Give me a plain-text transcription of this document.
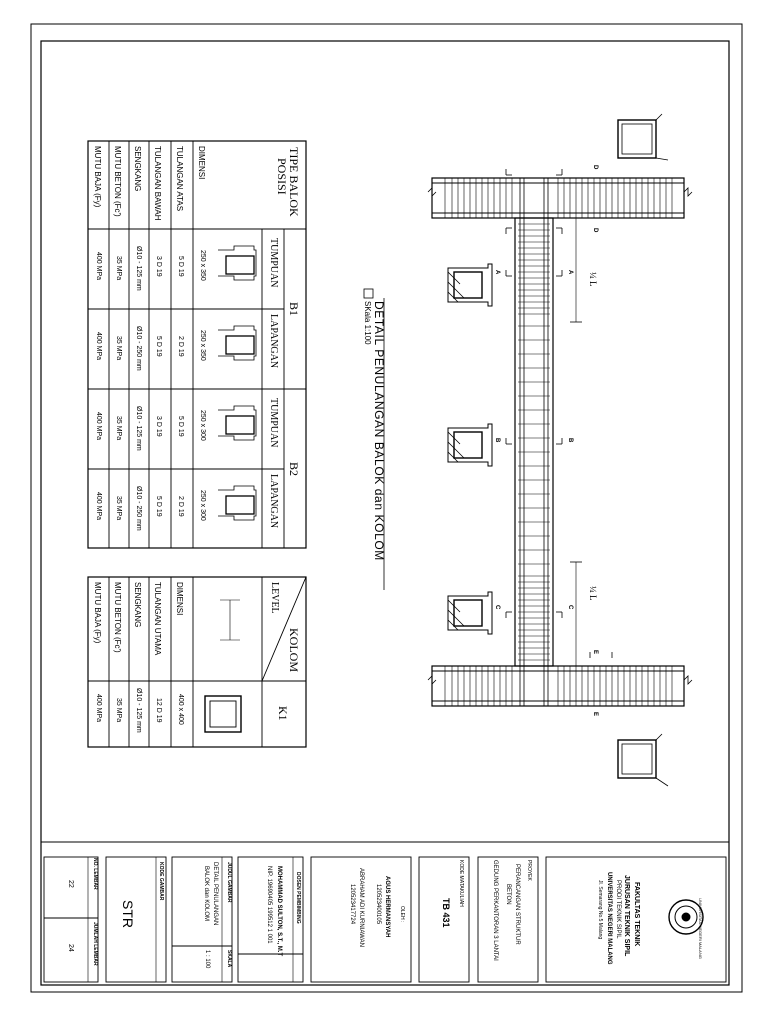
DETAIL PENULANGAN BALOK dan KOLOM
SKala 1:100
¼ L
¼ L
A
A
B
B
C
C
D
D
E
E
TIPE BALOK
POSISI
B1
B2
TUMPUAN
LAPANGAN
TUMPUAN
LAPANGAN
DIMENSI
TULANGAN ATAS
TULANGAN BAWAH
SENGKANG
MUTU BETON (Fc')
MUTU BAJA (Fy)
250 x 350
250 x 350
250 x 300
250 x 300
5 D 19
2 D 19
5 D 19
2 D 19
3 D 19
5 D 19
3 D 19
5 D 19
Ø10 - 125 mm
Ø10 - 250 mm
Ø10 - 125 mm
Ø10 - 250 mm
35 MPa
35 MPa
35 MPa
35 MPa
400 MPa
400 MPa
400 MPa
400 MPa
KOLOM
LEVEL
K1
DIMENSI
TULANGAN UTAMA
SENGKANG
MUTU BETON (Fc')
MUTU BAJA (Fy)
400 x 400
12 D 19
Ø10 - 125 mm
35 MPa
400 MPa
FAKULTAS TEKNIK
JURUSAN TEKNIK SIPIL
PRODI TEKNIK SIPIL
UNIVERSITAS NEGERI MALANG
Jl. Semarang No.5 Malang
PROYEK
PERANCANGAN STRUKTUR
BETON
GEDUNG PERKANTORAN 3 LANTAI
KODE MATAKULIAH
TB 431
OLEH :
AGUS HERMANSYAH
120523400105
ABRAHAM ADI KURNIAWAN
120523417724
DOSEN PEMBIMBING
MOHAMMAD SULTON, S.T., M.T
NIP. 19690405 199512 1 001
JUDUL GAMBAR
SKALA
DETAIL PENULANGAN
BALOK dan KOLOM
1 : 100
KODE GAMBAR
STR
NO. LEMBAR
JUMLAH LEMBAR
22
24	UNIVERSITAS NEGERI MALANG
